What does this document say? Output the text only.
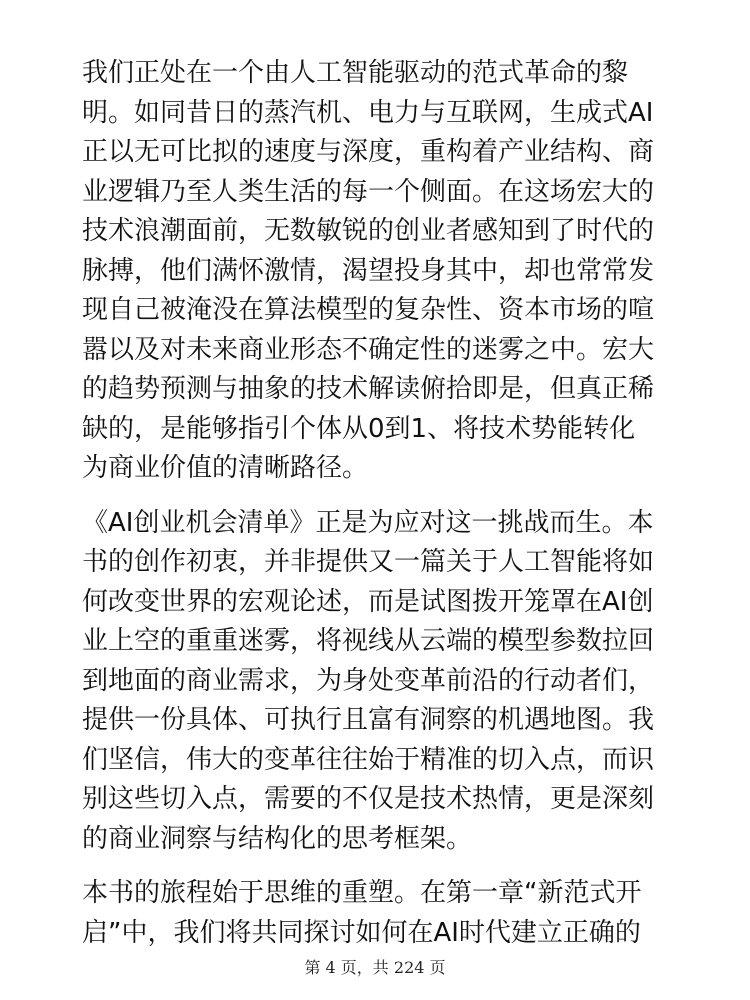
我们正处在一个由人工智能驱动的范式革命的黎
明。如同昔日的蒸汽机、电力与互联网，生成式AI
正以无可比拟的速度与深度，重构着产业结构、商
业逻辑乃至人类生活的每一个侧面。在这场宏大的
技术浪潮面前，无数敏锐的创业者感知到了时代的
脉搏，他们满怀激情，渴望投身其中，却也常常发
现自己被淹没在算法模型的复杂性、资本市场的喧
嚣以及对未来商业形态不确定性的迷雾之中。宏大
的趋势预测与抽象的技术解读俯拾即是，但真正稀
缺的，是能够指引个体从0到1、将技术势能转化
为商业价值的清晰路径。

《AI创业机会清单》正是为应对这一挑战而生。本
书的创作初衷，并非提供又一篇关于人工智能将如
何改变世界的宏观论述，而是试图拨开笼罩在AI创
业上空的重重迷雾，将视线从云端的模型参数拉回
到地面的商业需求，为身处变革前沿的行动者们，
提供一份具体、可执行且富有洞察的机遇地图。我
们坚信，伟大的变革往往始于精准的切入点，而识
别这些切入点，需要的不仅是技术热情，更是深刻
的商业洞察与结构化的思考框架。

本书的旅程始于思维的重塑。在第一章“新范式开
启”中，我们将共同探讨如何在AI时代建立正确的

第 4 页，共 224 页
